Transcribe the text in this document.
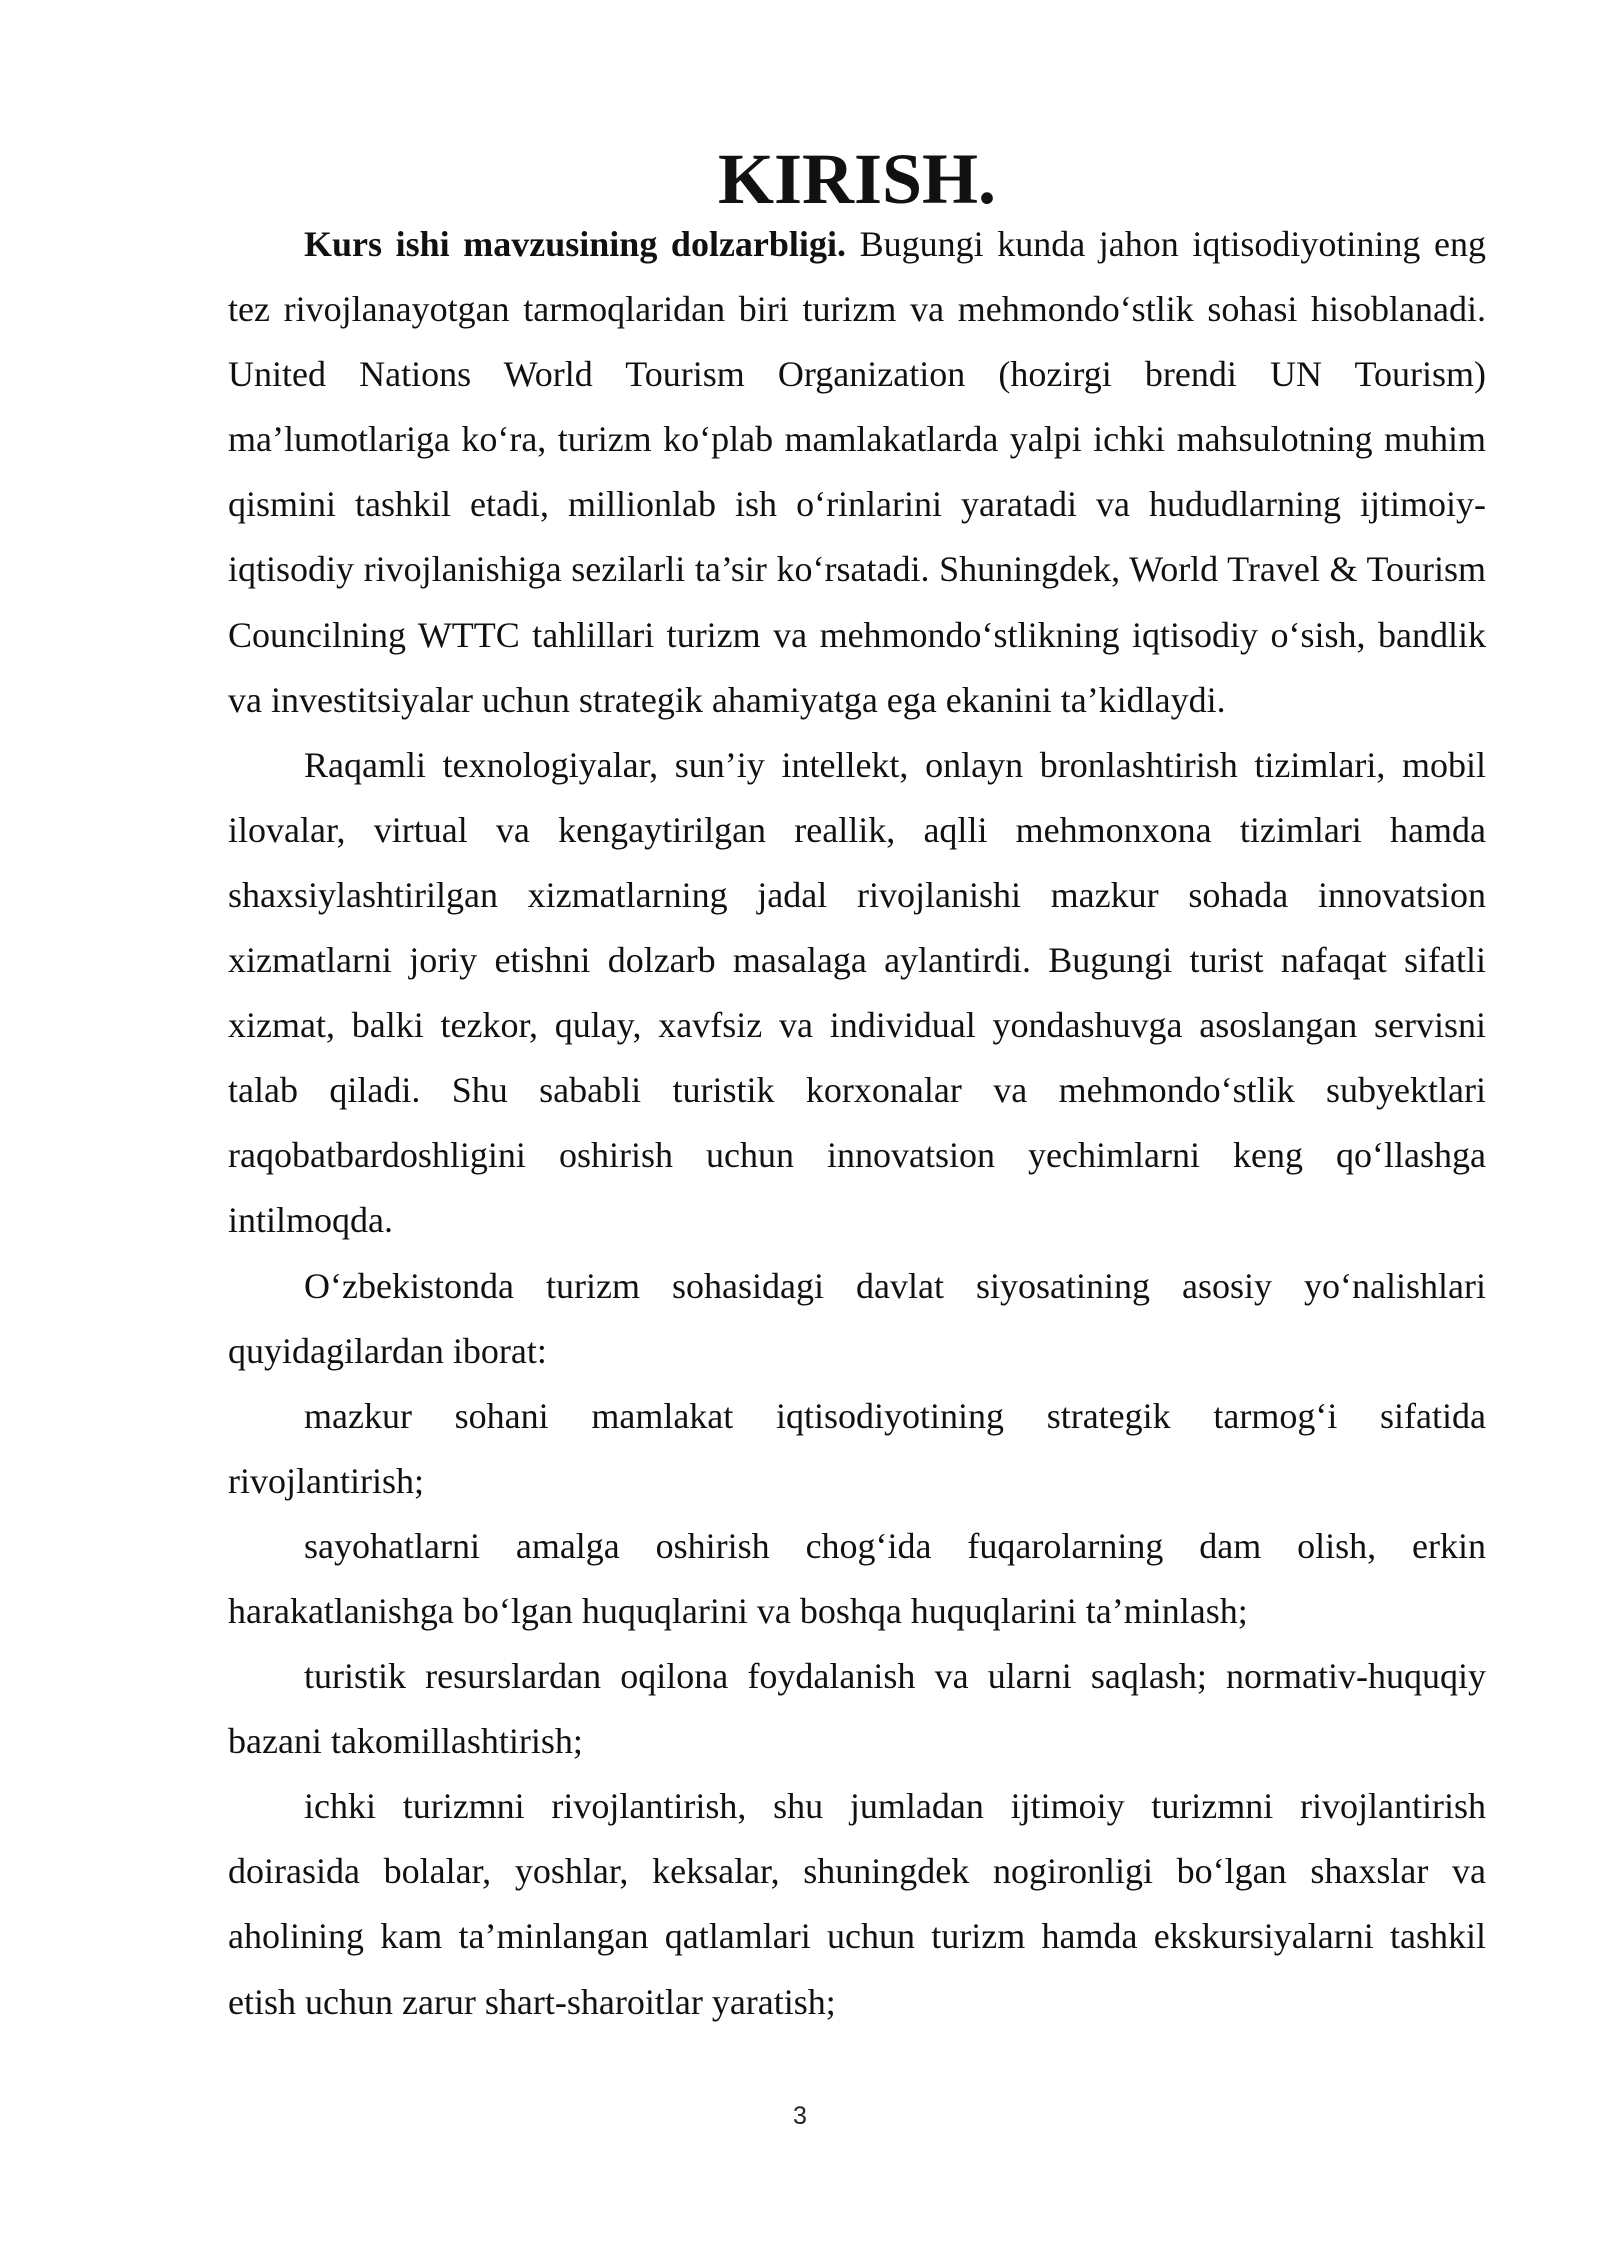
KIRISH.

Kurs ishi mavzusining dolzarbligi. Bugungi kunda jahon iqtisodiyotining eng tez rivojlanayotgan tarmoqlaridan biri turizm va mehmondo‘stlik sohasi hisoblanadi. United Nations World Tourism Organization (hozirgi brendi UN Tourism) ma’lumotlariga ko‘ra, turizm ko‘plab mamlakatlarda yalpi ichki mahsulotning muhim qismini tashkil etadi, millionlab ish o‘rinlarini yaratadi va hududlarning ijtimoiy-iqtisodiy rivojlanishiga sezilarli ta’sir ko‘rsatadi. Shuningdek, World Travel & Tourism Councilning WTTC tahlillari turizm va mehmondo‘stlikning iqtisodiy o‘sish, bandlik va investitsiyalar uchun strategik ahamiyatga ega ekanini ta’kidlaydi.

Raqamli texnologiyalar, sun’iy intellekt, onlayn bronlashtirish tizimlari, mobil ilovalar, virtual va kengaytirilgan reallik, aqlli mehmonxona tizimlari hamda shaxsiylashtirilgan xizmatlarning jadal rivojlanishi mazkur sohada innovatsion xizmatlarni joriy etishni dolzarb masalaga aylantirdi. Bugungi turist nafaqat sifatli xizmat, balki tezkor, qulay, xavfsiz va individual yondashuvga asoslangan servisni talab qiladi. Shu sababli turistik korxonalar va mehmondo‘stlik subyektlari raqobatbardoshligini oshirish uchun innovatsion yechimlarni keng qo‘llashga intilmoqda.

O‘zbekistonda turizm sohasidagi davlat siyosatining asosiy yo‘nalishlari quyidagilardan iborat:

mazkur sohani mamlakat iqtisodiyotining strategik tarmog‘i sifatida rivojlantirish;

sayohatlarni amalga oshirish chog‘ida fuqarolarning dam olish, erkin harakatlanishga bo‘lgan huquqlarini va boshqa huquqlarini ta’minlash;

turistik resurslardan oqilona foydalanish va ularni saqlash; normativ-huquqiy bazani takomillashtirish;

ichki turizmni rivojlantirish, shu jumladan ijtimoiy turizmni rivojlantirish doirasida bolalar, yoshlar, keksalar, shuningdek nogironligi bo‘lgan shaxslar va aholining kam ta’minlangan qatlamlari uchun turizm hamda ekskursiyalarni tashkil etish uchun zarur shart-sharoitlar yaratish;

3
